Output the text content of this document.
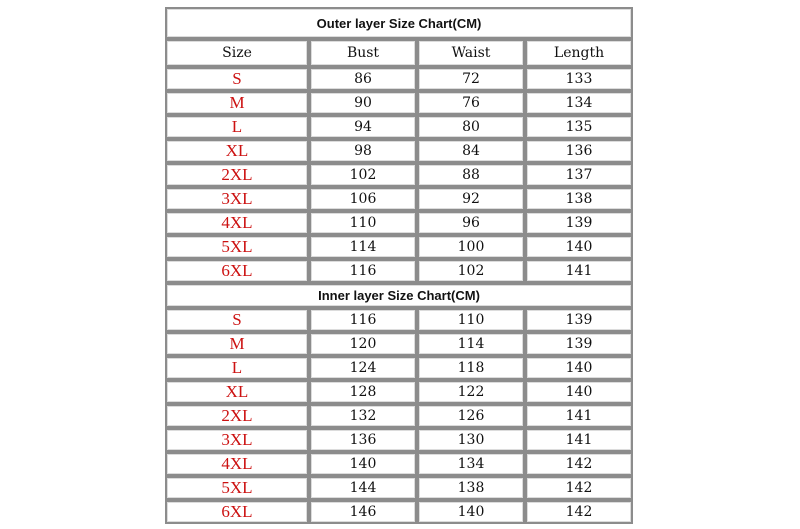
Outer layer Size Chart(CM)			
Size	Bust	Waist	Length
S	86	72	133
M	90	76	134
L	94	80	135
XL	98	84	136
2XL	102	88	137
3XL	106	92	138
4XL	110	96	139
5XL	114	100	140
6XL	116	102	141
Inner layer Size Chart(CM)			
S	116	110	139
M	120	114	139
L	124	118	140
XL	128	122	140
2XL	132	126	141
3XL	136	130	141
4XL	140	134	142
5XL	144	138	142
6XL	146	140	142
